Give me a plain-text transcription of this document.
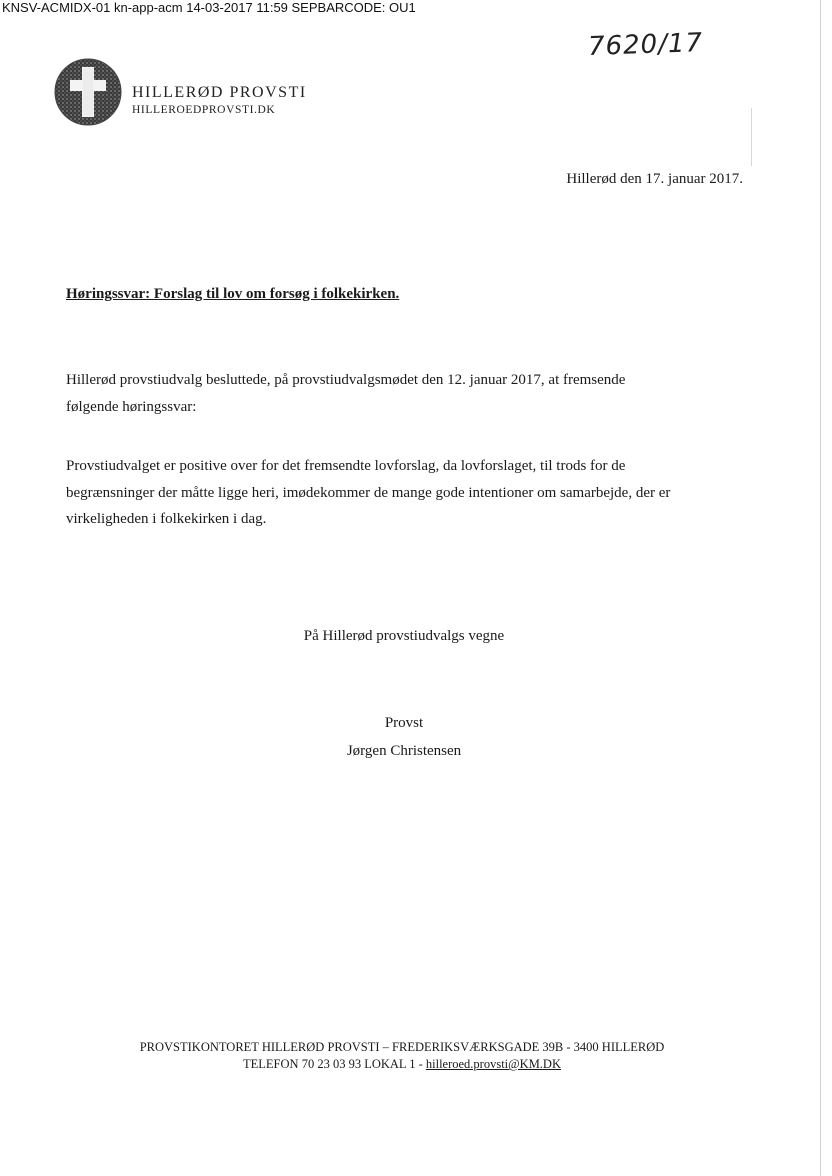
KNSV-ACMIDX-01 kn-app-acm 14-03-2017 11:59 SEPBARCODE: OU1
7620/17
HILLERØD PROVSTI
HILLEROEDPROVSTI.DK
Hillerød den 17. januar 2017.
Høringssvar: Forslag til lov om forsøg i folkekirken.
Hillerød provstiudvalg besluttede, på provstiudvalgsmødet den 12. januar 2017, at fremsende
følgende høringssvar:
Provstiudvalget er positive over for det fremsendte lovforslag, da lovforslaget, til trods for de
begrænsninger der måtte ligge heri, imødekommer de mange gode intentioner om samarbejde, der er
virkeligheden i folkekirken i dag.
På Hillerød provstiudvalgs vegne
Provst
Jørgen Christensen
PROVSTIKONTORET HILLERØD PROVSTI – FREDERIKSVÆRKSGADE 39B - 3400 HILLERØD
TELEFON 70 23 03 93 LOKAL 1 - hilleroed.provsti@KM.DK
